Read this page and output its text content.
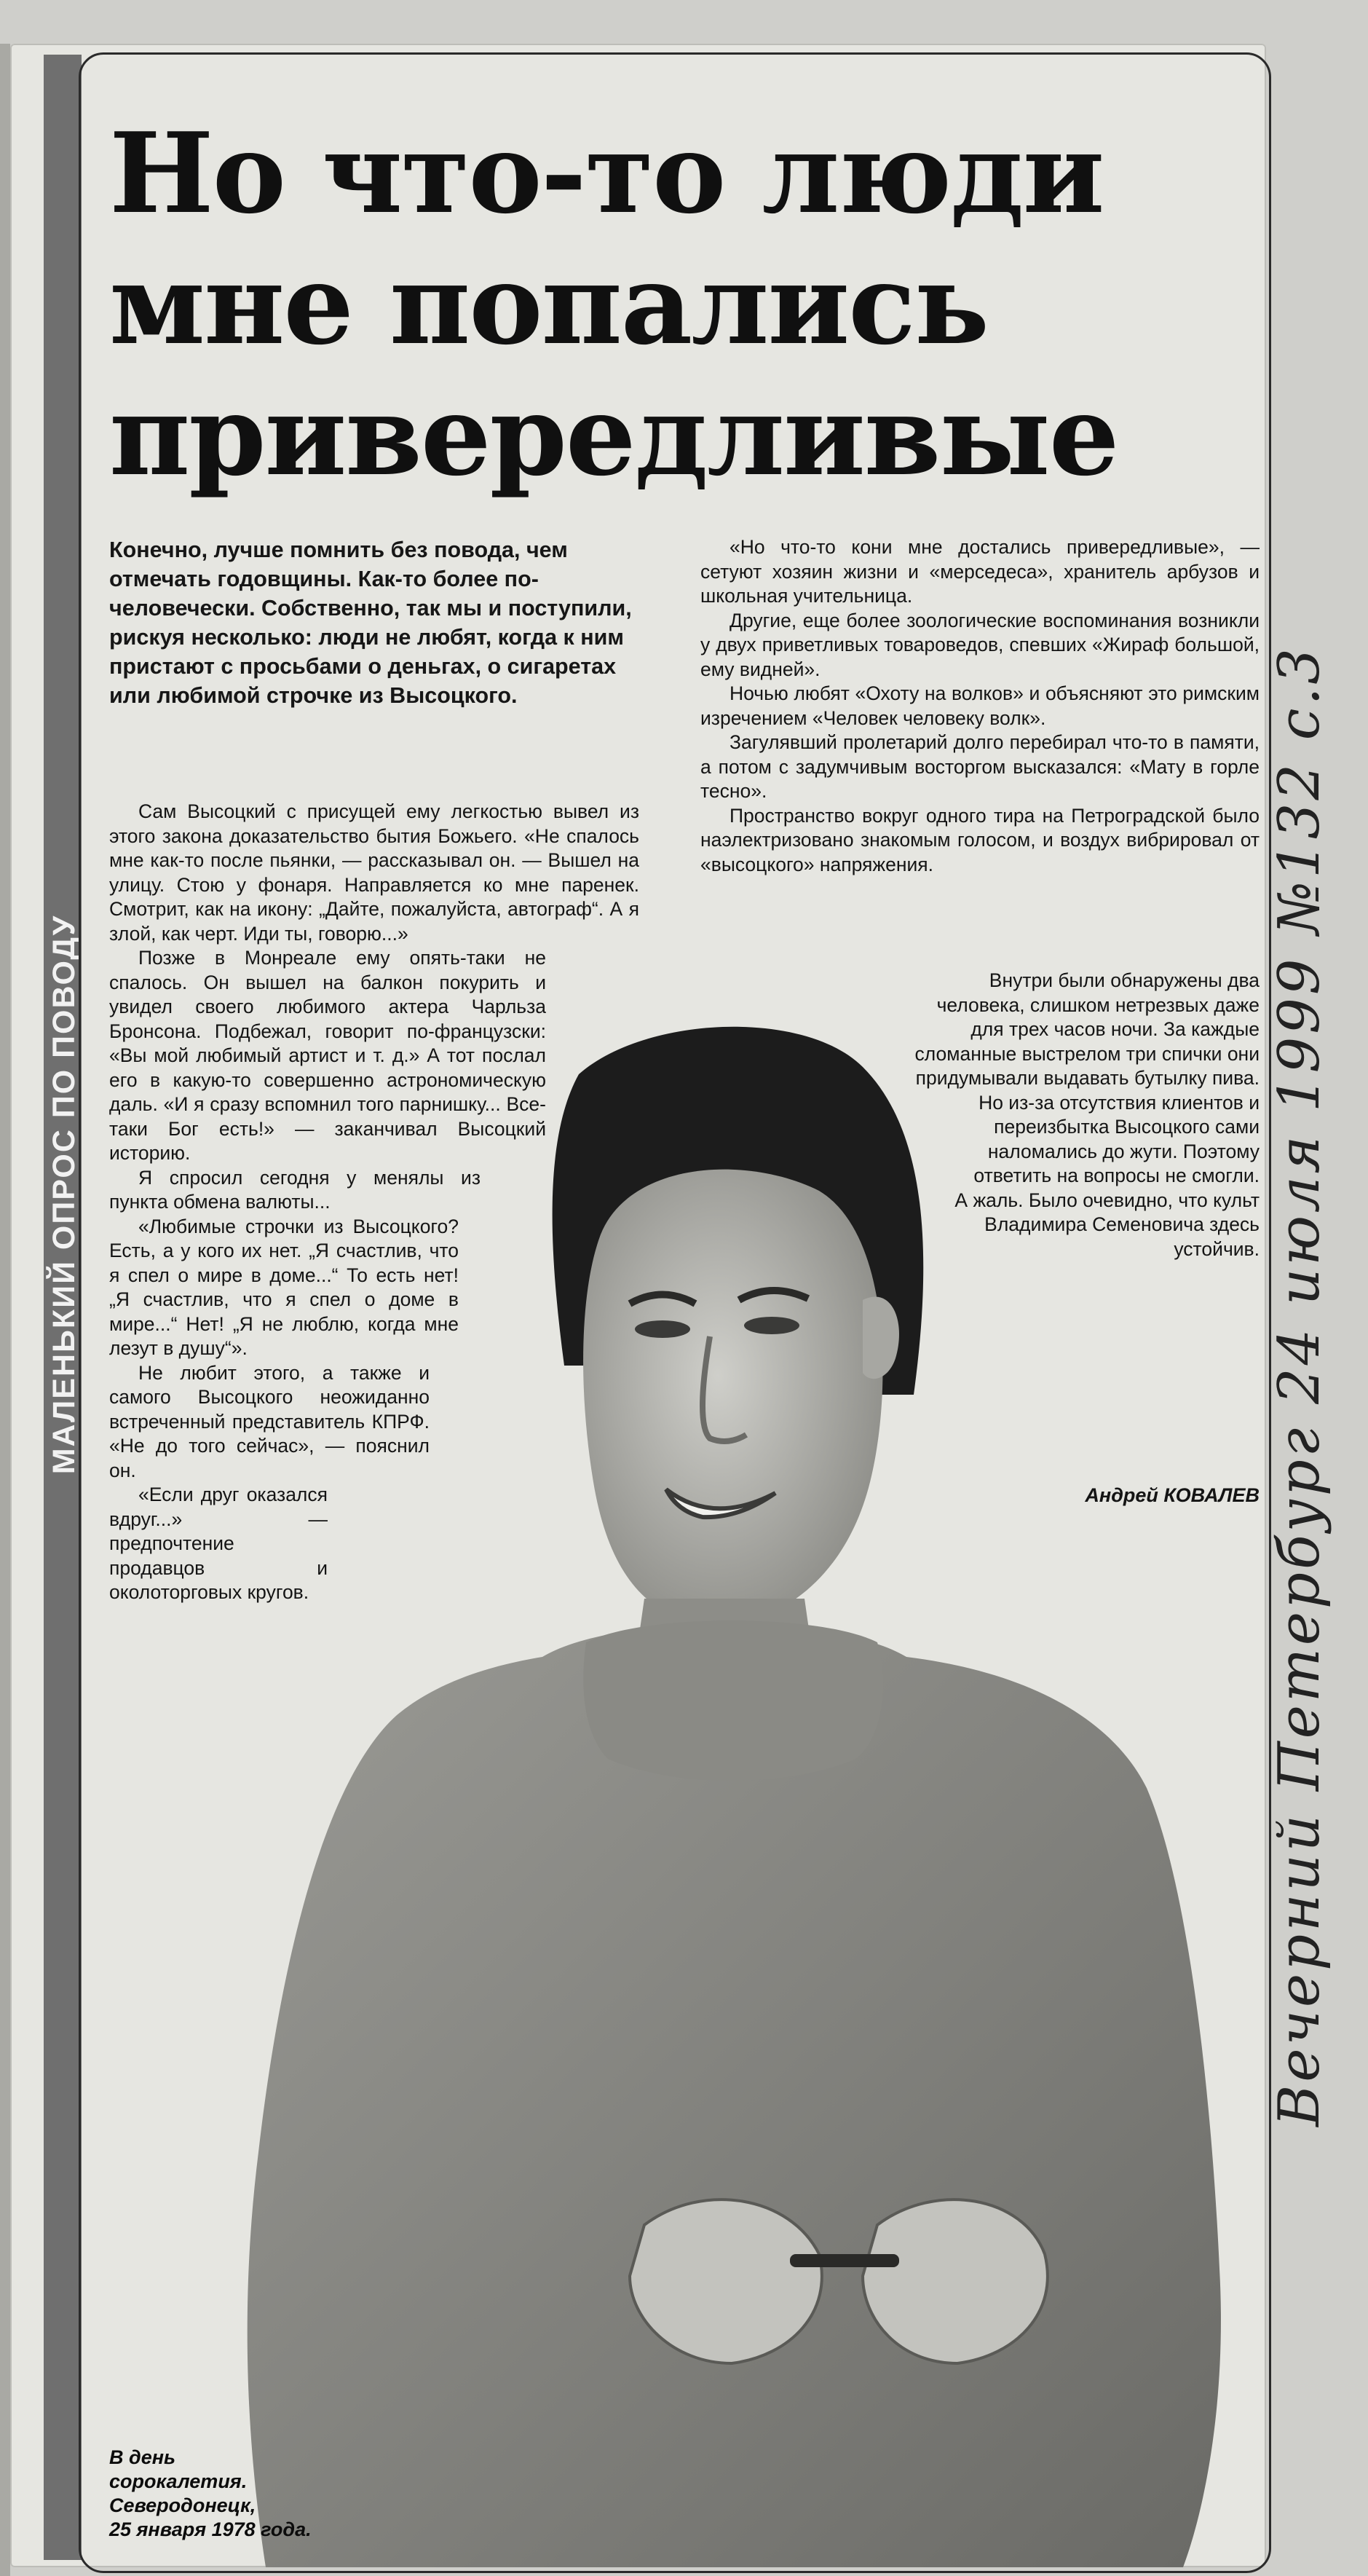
МАЛЕНЬКИЙ ОПРОС ПО ПОВОДУ
Но что-то люди
мне попались
привередливые
Конечно, лучше помнить без повода, чем отмечать годовщины. Как-то более по-человечески. Собственно, так мы и поступили, рискуя несколько: люди не любят, когда к ним пристают с просьбами о деньгах, о сигаретах или любимой строчке из Высоцкого.

Сам Высоцкий с присущей ему легкостью вывел из этого закона доказательство бытия Божьего. «Не спалось мне как-то после пьянки, — рассказывал он. — Вышел на улицу. Стою у фонаря. Направляется ко мне паренек. Смотрит, как на икону: „Дайте, пожалуйста, автограф“. А я злой, как черт. Иди ты, говорю...»

Позже в Монреале ему опять-таки не спалось. Он вышел на балкон покурить и увидел своего любимого актера Чарльза Бронсона. Подбежал, говорит по-французски: «Вы мой любимый артист и т. д.» А тот послал его в какую-то совершенно астрономическую даль. «И я сразу вспомнил того парнишку... Все-таки Бог есть!» — заканчивал Высоцкий историю.

Я спросил сегодня у менялы из пункта обмена валюты...

«Любимые строчки из Высоцкого? Есть, а у кого их нет. „Я счастлив, что я спел о мире в доме...“ То есть нет! „Я счастлив, что я спел о доме в мире...“ Нет! „Я не люблю, когда мне лезут в душу“».

Не любит этого, а также и самого Высоцкого неожиданно встреченный представитель КПРФ. «Не до того сейчас», — пояснил он.

«Если друг оказался вдруг...» — предпочтение продавцов и околоторговых кругов.

«Но что-то кони мне достались привередливые», — сетуют хозяин жизни и «мерседеса», хранитель арбузов и школьная учительница.

Другие, еще более зоологические воспоминания возникли у двух приветливых товароведов, спевших «Жираф большой, ему видней».

Ночью любят «Охоту на волков» и объясняют это римским изречением «Человек человеку волк».

Загулявший пролетарий долго перебирал что-то в памяти, а потом с задумчивым восторгом высказался: «Мату в горле тесно».

Пространство вокруг одного тира на Петроградской было наэлектризовано знакомым голосом, и воздух вибрировал от «высоцкого» напряжения.

Внутри были обнаружены два человека, слишком нетрезвых даже для трех часов ночи. За каждые сломанные выстрелом три спички они придумывали выдавать бутылку пива. Но из-за отсутствия клиентов и переизбытка Высоцкого сами наломались до жути. Поэтому ответить на вопросы не смогли.

А жаль. Было очевидно, что культ Владимира Семеновича здесь устойчив.

Андрей КОВАЛЕВ
В день
сорокалетия.
Северодонецк,
25 января 1978 года.
Вечерний Петербург 24 июля 1999 №132 с.3
